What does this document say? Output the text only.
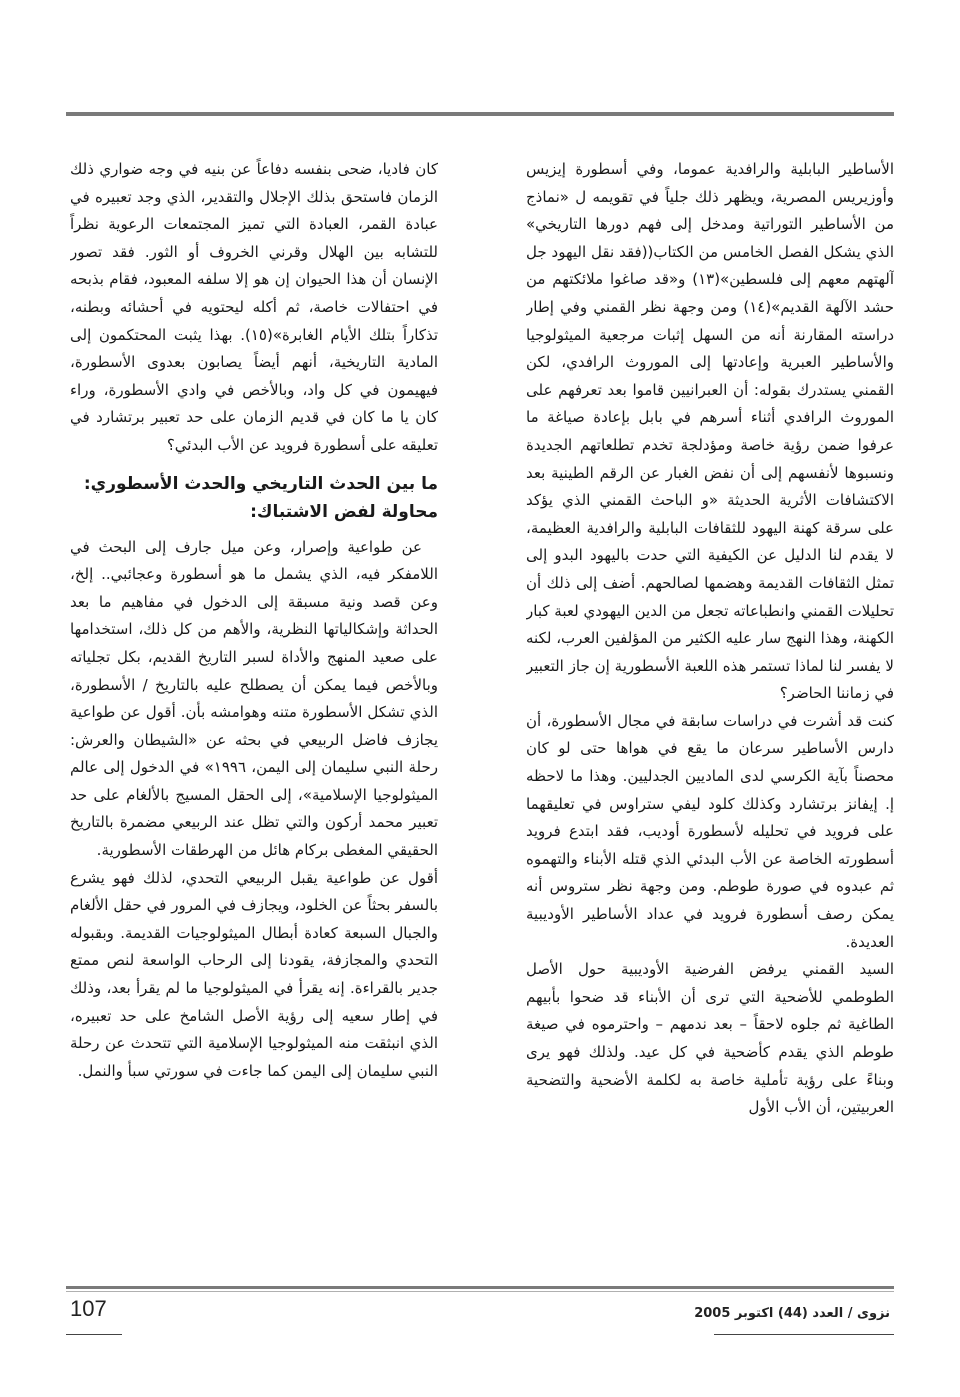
الأساطير البابلية والرافدية عموما، وفي أسطورة إيزيس وأوزيريس المصرية، ويظهر ذلك جلياً في تقويمه ل «نماذج من الأساطير التوراتية ومدخل إلى فهم دورها التاريخي» الذي يشكل الفصل الخامس من الكتاب((فقد نقل اليهود جل آلهتهم معهم إلى فلسطين»(١٣) و«قد صاغوا ملائكتهم من حشد الآلهة القديم»(١٤) ومن وجهة نظر القمني وفي إطار دراسته المقارنة أنه من السهل إثبات مرجعية الميثولوجيا والأساطير العبرية وإعادتها إلى الموروث الرافدي، لكن القمني يستدرك بقوله: أن العبرانيين قاموا بعد تعرفهم على الموروث الرافدي أثناء أسرهم في بابل بإعادة صياغة ما عرفوا ضمن رؤية خاصة ومؤدلجة تخدم تطلعاتهم الجديدة ونسبوها لأنفسهم إلى أن نفض الغبار عن الرقم الطينية بعد الاكتشافات الأثرية الحديثة «و الباحث القمني الذي يؤكد على سرقة كهنة اليهود للثقافات البابلية والرافدية العظيمة، لا يقدم لنا الدليل عن الكيفية التي حدت باليهود البدو إلى تمثل الثقافات القديمة وهضمها لصالحهم. أضف إلى ذلك أن تحليلات القمني وانطباعاته تجعل من الدين اليهودي لعبة كبار الكهنة، وهذا النهج سار عليه الكثير من المؤلفين العرب، لكنه لا يفسر لنا لماذا تستمر هذه اللعبة الأسطورية إن جاز التعبير في زماننا الحاضر؟

كنت قد أشرت في دراسات سابقة في مجال الأسطورة، أن دارس الأساطير سرعان ما يقع في هواها حتى لو كان محصناً بآية الكرسي لدى الماديين الجدليين. وهذا ما لاحظه إ. إيفانز برتشارد وكذلك كلود ليفي ستراوس في تعليقهما على فرويد في تحليله لأسطورة أوديب، فقد ابتدع فرويد أسطورته الخاصة عن الأب البدئي الذي قتله الأبناء والتهموه ثم عبدوه في صورة طوطم. ومن وجهة نظر ستروس أنه يمكن رصف أسطورة فرويد في عداد الأساطير الأوديبية العديدة.

السيد القمني يرفض الفرضية الأوديبية حول الأصل الطوطمي للأضحية التي ترى أن الأبناء قد ضحوا بأبيهم الطاغية ثم جلوه لاحقاً – بعد ندمهم – واحترموه في صيغة طوطم الذي يقدم كأضحية في كل عيد. ولذلك فهو يرى وبناءً على رؤية تأملية خاصة به لكلمة الأضحية والتضحية العربيتين، أن الأب الأول

كان فاديا، ضحى بنفسه دفاعاً عن بنيه في وجه ضواري ذلك الزمان فاستحق بذلك الإجلال والتقدير، الذي وجد تعبيره في عبادة القمر، العبادة التي تميز المجتمعات الرعوية نظراً للتشابه بين الهلال وقرني الخروف أو الثور. فقد تصور الإنسان أن هذا الحيوان إن هو إلا سلفه المعبود، فقام بذبحه في احتفالات خاصة، ثم أكله ليحتويه في أحشائه وبطنه، تذكاراً بتلك الأيام الغابرة»(١٥). بهذا يثبت المحتكمون إلى المادية التاريخية، أنهم أيضاً يصابون بعدوى الأسطورة، فيهيمون في كل واد، وبالأخص في وادي الأسطورة، وراء كان يا ما كان في قديم الزمان على حد تعبير برتشارد في تعليقه على أسطورة فرويد عن الأب البدئي؟

ما بين الحدث التاريخي والحدث الأسطوري:
محاولة لفض الاشتباك:

عن طواعية وإصرار، وعن ميل جارف إلى البحث في اللامفكر فيه، الذي يشمل ما هو أسطورة وعجائبي.. إلخ، وعن قصد ونية مسبقة إلى الدخول في مفاهيم ما بعد الحداثة وإشكالياتها النظرية، والأهم من كل ذلك، استخدامها على صعيد المنهج والأداة لسبر التاريخ القديم، بكل تجلياته وبالأخص فيما يمكن أن يصطلح عليه بالتاريخ / الأسطورة، الذي تشكل الأسطورة متنه وهوامشه بأن. أقول عن طواعية يجازف فاضل الربيعي في بحثه عن «الشيطان والعرش: رحلة النبي سليمان إلى اليمن، ١٩٩٦» في الدخول إلى عالم الميثولوجيا الإسلامية»، إلى الحقل المسيج بالألغام على حد تعبير محمد أركون والتي تظل عند الربيعي مضمرة بالتاريخ الحقيقي المغطى بركام هائل من الهرطقات الأسطورية.

أقول عن طواعية يقبل الربيعي التحدي، لذلك فهو يشرع بالسفر بحثاً عن الخلود، ويجازف في المرور في حقل الألغام والجبال السبعة كعادة أبطال الميثولوجيات القديمة. وبقبوله التحدي والمجازفة، يقودنا إلى الرحاب الواسعة لنص ممتع جدير بالقراءة. إنه يقرأ في الميثولوجيا ما لم يقرأ بعد، وذلك في إطار سعيه إلى رؤية الأصل الشامخ على حد تعبيره، الذي انبثقت منه الميثولوجيا الإسلامية التي تتحدث عن رحلة النبي سليمان إلى اليمن كما جاءت في سورتي سبأ والنمل.

107	نزوى / العدد (44) اكتوبر 2005
